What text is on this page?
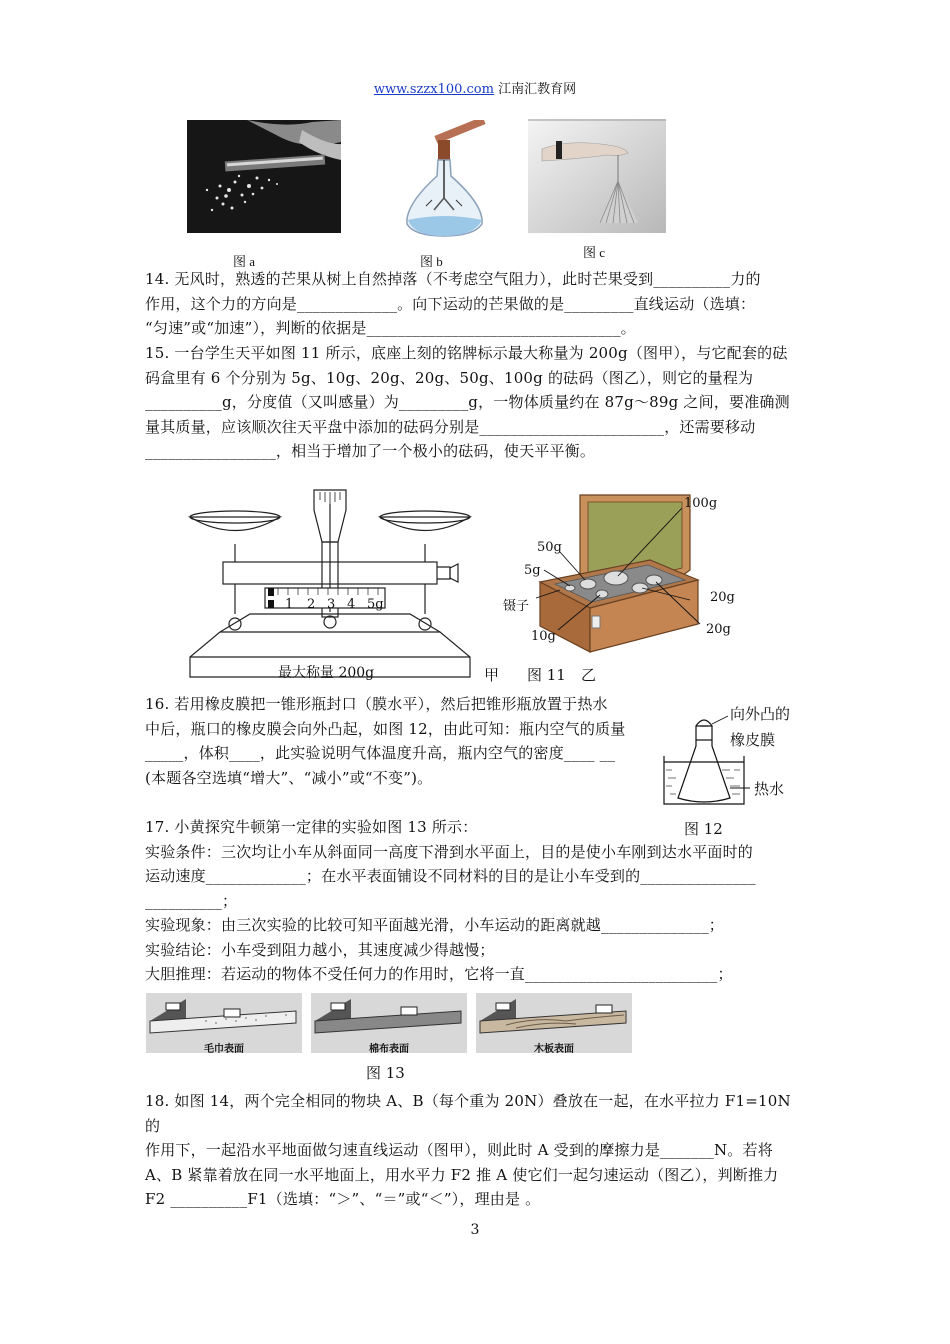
www.szzx100.com 江南汇教育网
图 a	图 b
图 c

14. 无风时，熟透的芒果从树上自然掉落（不考虑空气阻力），此时芒果受到__________力的

作用，这个力的方向是_____________。向下运动的芒果做的是_________直线运动（选填：

“匀速”或“加速”），判断的依据是_________________________________。

15. 一台学生天平如图 11 所示，底座上刻的铭牌标示最大称量为 200g（图甲），与它配套的砝

码盒里有 6 个分别为 5g、10g、20g、20g、50g、100g 的砝码（图乙），则它的量程为

__________g，分度值（又叫感量）为_________g，一物体质量约在 87g～89g 之间，要准确测

量其质量，应该顺次往天平盘中添加的砝码分别是________________________，还需要移动

_________________，相当于增加了一个极小的砝码，使天平平衡。

1 2 3 4 5g
最大称量 200g	甲 图 11 乙
100g
50g
5g
镊子
10g
20g
20g

16. 若用橡皮膜把一锥形瓶封口（膜水平），然后把锥形瓶放置于热水

中后，瓶口的橡皮膜会向外凸起，如图 12，由此可知：瓶内空气的质量

_____，体积____，此实验说明气体温度升高，瓶内空气的密度____ __

(本题各空选填“增大”、“减小”或“不变”)。

向外凸的
橡皮膜
热水
图 12

17. 小黄探究牛顿第一定律的实验如图 13 所示：

实验条件：三次均让小车从斜面同一高度下滑到水平面上，目的是使小车刚到达水平面时的

运动速度_____________；在水平表面铺设不同材料的目的是让小车受到的_______________

__________；

实验现象：由三次实验的比较可知平面越光滑，小车运动的距离就越______________；

实验结论：小车受到阻力越小，其速度减少得越慢；

大胆推理：若运动的物体不受任何力的作用时，它将一直_________________________；

毛巾表面	棉布表面	木板表面
图 13

18. 如图 14，两个完全相同的物块 A、B（每个重为 20N）叠放在一起，在水平拉力 F1=10N 的

作用下，一起沿水平地面做匀速直线运动（图甲），则此时 A 受到的摩擦力是_______N。若将

A、B 紧靠着放在同一水平地面上，用水平力 F2 推 A 使它们一起匀速运动（图乙），判断推力

F2 __________F1（选填：“＞”、“＝”或“＜”），理由是 。

3
